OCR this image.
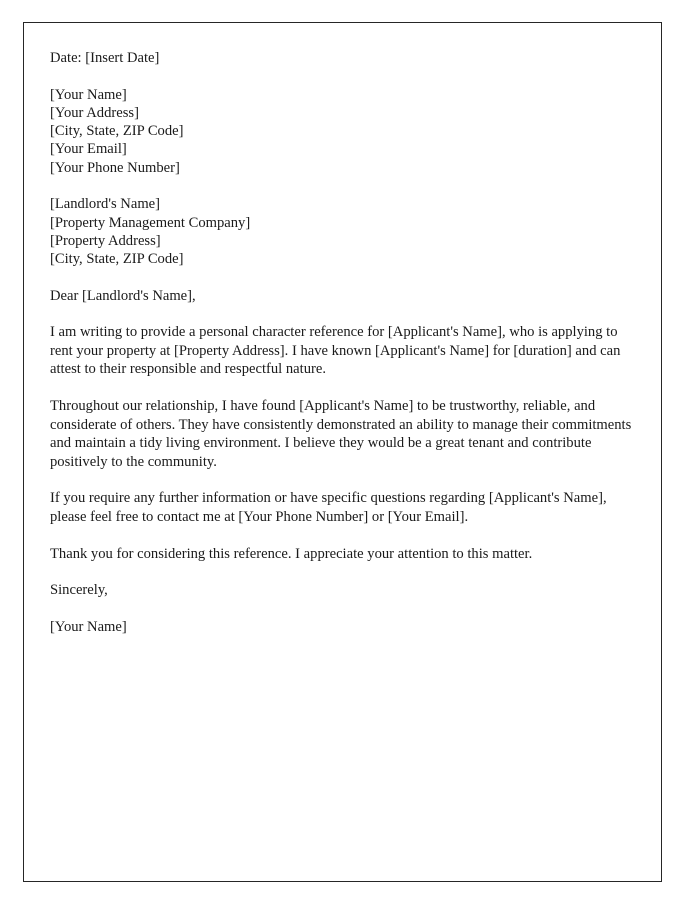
Date: [Insert Date]
[Your Name]
[Your Address]
[City, State, ZIP Code]
[Your Email]
[Your Phone Number]
[Landlord's Name]
[Property Management Company]
[Property Address]
[City, State, ZIP Code]
Dear [Landlord's Name],

I am writing to provide a personal character reference for [Applicant's Name], who is applying to rent your property at [Property Address]. I have known [Applicant's Name] for [duration] and can attest to their responsible and respectful nature.

Throughout our relationship, I have found [Applicant's Name] to be trustworthy, reliable, and considerate of others. They have consistently demonstrated an ability to manage their commitments and maintain a tidy living environment. I believe they would be a great tenant and contribute positively to the community.

If you require any further information or have specific questions regarding [Applicant's Name], please feel free to contact me at [Your Phone Number] or [Your Email].

Thank you for considering this reference. I appreciate your attention to this matter.

Sincerely,

[Your Name]
